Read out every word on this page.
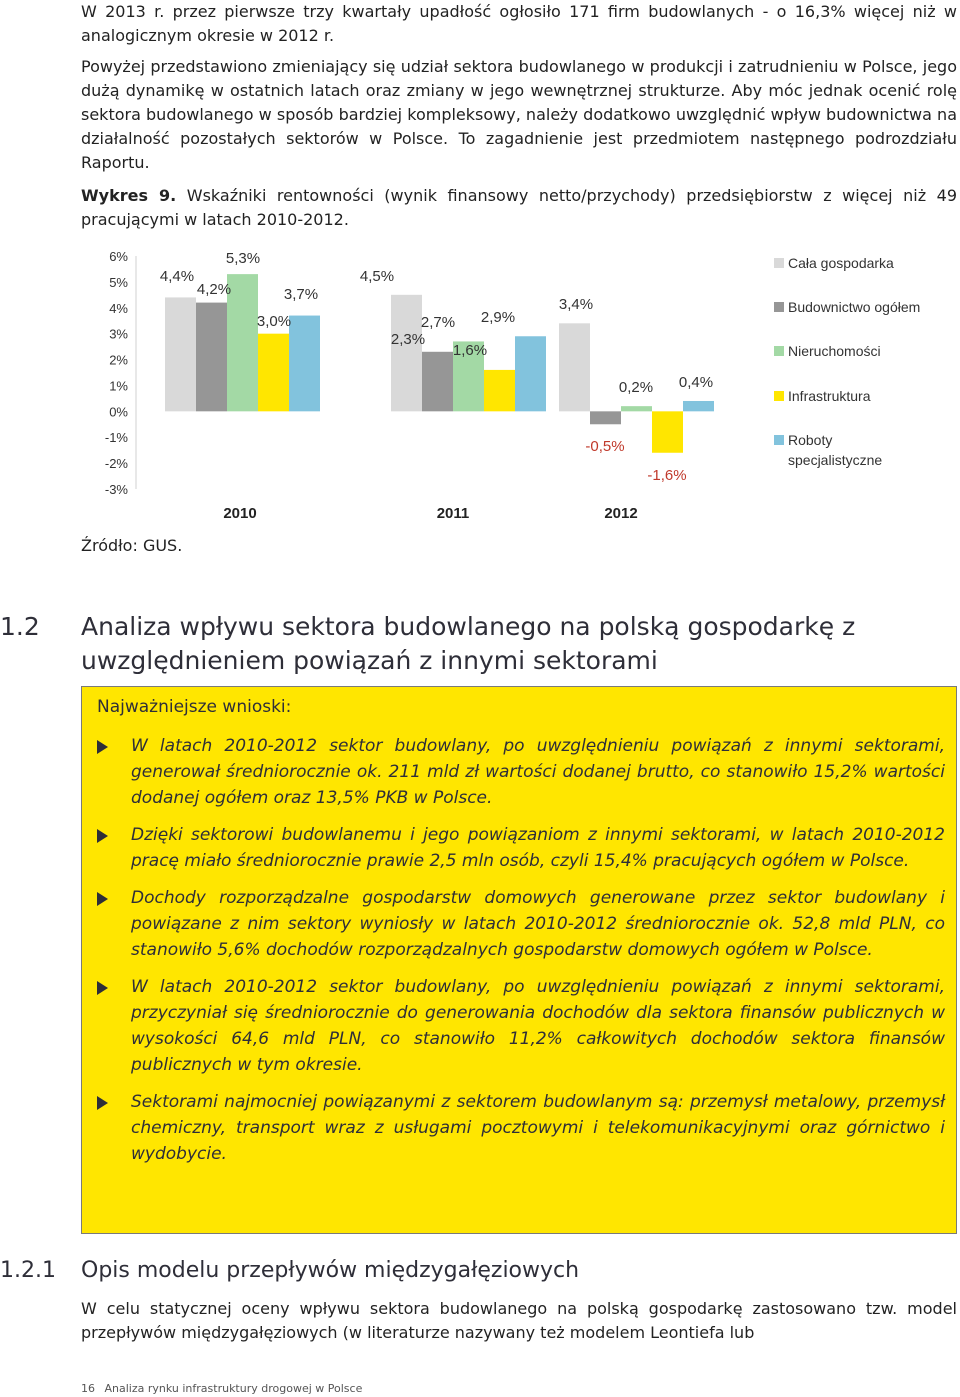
W 2013 r. przez pierwsze trzy kwartały upadłość ogłosiło 171 firm budowlanych - o 16,3% więcej niż w analogicznym okresie w 2012 r.

Powyżej przedstawiono zmieniający się udział sektora budowlanego w produkcji i zatrudnieniu w Polsce, jego dużą dynamikę w ostatnich latach oraz zmiany w jego wewnętrznej strukturze. Aby móc jednak ocenić rolę sektora budowlanego w sposób bardziej kompleksowy, należy dodatkowo uwzględnić wpływ budownictwa na działalność pozostałych sektorów w Polsce. To zagadnienie jest przedmiotem następnego podrozdziału Raportu.

Wykres 9. Wskaźniki rentowności (wynik finansowy netto/przychody) przedsiębiorstw z więcej niż 49 pracującymi w latach 2010-2012.

6%
5%
4%
3%
2%
1%
0%
-1%
-2%
-3%
4,4%	4,5%
3,4%
4,2%
2,3%
-0,5%
5,3%
2,7%
0,2%
3,0%
1,6%
-1,6%
3,7%
2,9%
0,4%
2010	2011	2012
Cała gospodarka
Budownictwo ogółem
Nieruchomości
Infrastruktura
Roboty
specjalistyczne
Źródło: GUS.
1.2 Analiza wpływu sektora budowlanego na polską gospodarkę z uwzględnieniem powiązań z innymi sektorami
Najważniejsze wnioski:
W latach 2010-2012 sektor budowlany, po uwzględnieniu powiązań z innymi sektorami, generował średniorocznie ok. 211 mld zł wartości dodanej brutto, co stanowiło 15,2% wartości dodanej ogółem oraz 13,5% PKB w Polsce.
Dzięki sektorowi budowlanemu i jego powiązaniom z innymi sektorami, w latach 2010-2012 pracę miało średniorocznie prawie 2,5 mln osób, czyli 15,4% pracujących ogółem w Polsce.
Dochody rozporządzalne gospodarstw domowych generowane przez sektor budowlany i powiązane z nim sektory wyniosły w latach 2010-2012 średniorocznie ok. 52,8 mld PLN, co stanowiło 5,6% dochodów rozporządzalnych gospodarstw domowych ogółem w Polsce.
W latach 2010-2012 sektor budowlany, po uwzględnieniu powiązań z innymi sektorami, przyczyniał się średniorocznie do generowania dochodów dla sektora finansów publicznych w wysokości 64,6 mld PLN, co stanowiło 11,2% całkowitych dochodów sektora finansów publicznych w tym okresie.
Sektorami najmocniej powiązanymi z sektorem budowlanym są: przemysł metalowy, przemysł chemiczny, transport wraz z usługami pocztowymi i telekomunikacyjnymi oraz górnictwo i wydobycie.
1.2.1 Opis modelu przepływów międzygałęziowych

W celu statycznej oceny wpływu sektora budowlanego na polską gospodarkę zastosowano tzw. model przepływów międzygałęziowych (w literaturze nazywany też modelem Leontiefa lub

16 Analiza rynku infrastruktury drogowej w Polsce
